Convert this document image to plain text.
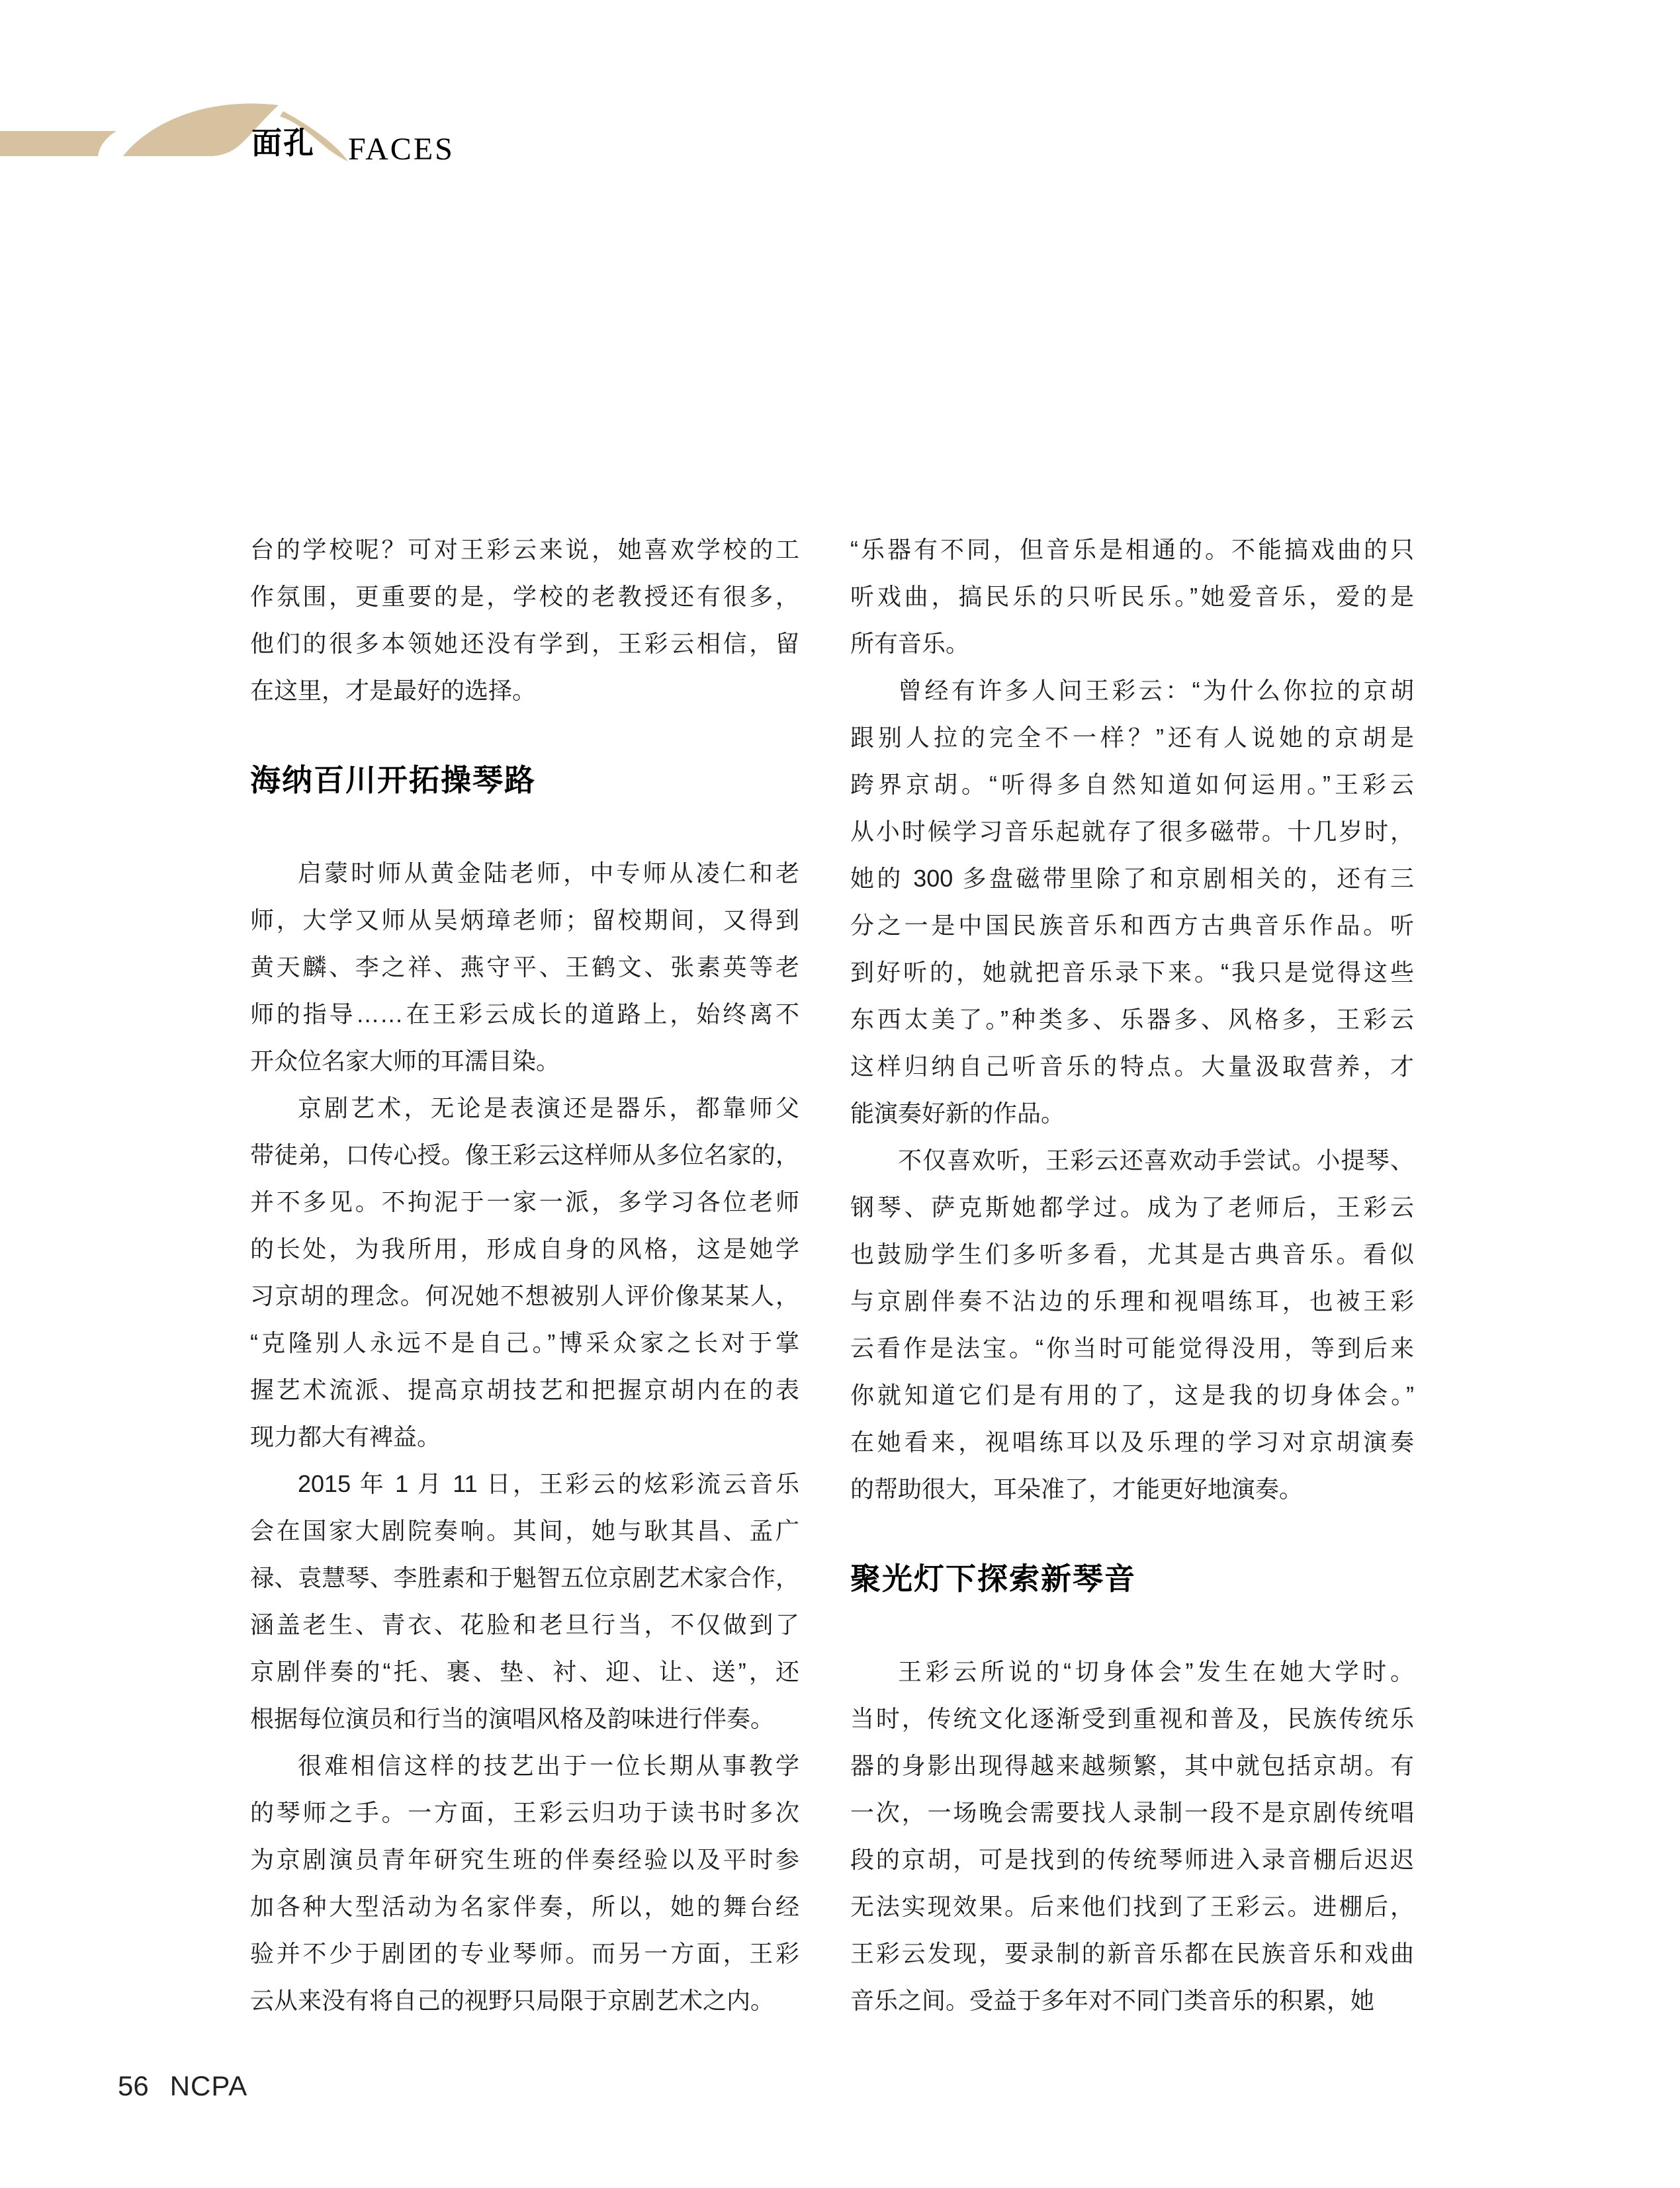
面孔 FACES
台的学校呢？可对王彩云来说，她喜欢学校的工
作氛围，更重要的是，学校的老教授还有很多，
他们的很多本领她还没有学到，王彩云相信，留
在这里，才是最好的选择。
海纳百川开拓操琴路
启蒙时师从黄金陆老师，中专师从凌仁和老
师，大学又师从吴炳璋老师；留校期间，又得到
黄天麟、李之祥、燕守平、王鹤文、张素英等老
师的指导……在王彩云成长的道路上，始终离不
开众位名家大师的耳濡目染。
京剧艺术，无论是表演还是器乐，都靠师父
带徒弟，口传心授。像王彩云这样师从多位名家的，
并不多见。不拘泥于一家一派，多学习各位老师
的长处，为我所用，形成自身的风格，这是她学
习京胡的理念。何况她不想被别人评价像某某人，
“克隆别人永远不是自己。”博采众家之长对于掌
握艺术流派、提高京胡技艺和把握京胡内在的表
现力都大有裨益。
2015 年 1 月 11 日，王彩云的炫彩流云音乐
会在国家大剧院奏响。其间，她与耿其昌、孟广
禄、袁慧琴、李胜素和于魁智五位京剧艺术家合作，
涵盖老生、青衣、花脸和老旦行当，不仅做到了
京剧伴奏的“托、裹、垫、衬、迎、让、送”，还
根据每位演员和行当的演唱风格及韵味进行伴奏。
很难相信这样的技艺出于一位长期从事教学
的琴师之手。一方面，王彩云归功于读书时多次
为京剧演员青年研究生班的伴奏经验以及平时参
加各种大型活动为名家伴奏，所以，她的舞台经
验并不少于剧团的专业琴师。而另一方面，王彩
云从来没有将自己的视野只局限于京剧艺术之内。
“乐器有不同，但音乐是相通的。不能搞戏曲的只
听戏曲，搞民乐的只听民乐。”她爱音乐，爱的是
所有音乐。
曾经有许多人问王彩云：“为什么你拉的京胡
跟别人拉的完全不一样？”还有人说她的京胡是
跨界京胡。“听得多自然知道如何运用。”王彩云
从小时候学习音乐起就存了很多磁带。十几岁时，
她的 300 多盘磁带里除了和京剧相关的，还有三
分之一是中国民族音乐和西方古典音乐作品。听
到好听的，她就把音乐录下来。“我只是觉得这些
东西太美了。”种类多、乐器多、风格多，王彩云
这样归纳自己听音乐的特点。大量汲取营养，才
能演奏好新的作品。
不仅喜欢听，王彩云还喜欢动手尝试。小提琴、
钢琴、萨克斯她都学过。成为了老师后，王彩云
也鼓励学生们多听多看，尤其是古典音乐。看似
与京剧伴奏不沾边的乐理和视唱练耳，也被王彩
云看作是法宝。“你当时可能觉得没用，等到后来
你就知道它们是有用的了，这是我的切身体会。”
在她看来，视唱练耳以及乐理的学习对京胡演奏
的帮助很大，耳朵准了，才能更好地演奏。
聚光灯下探索新琴音
王彩云所说的“切身体会”发生在她大学时。
当时，传统文化逐渐受到重视和普及，民族传统乐
器的身影出现得越来越频繁，其中就包括京胡。有
一次，一场晚会需要找人录制一段不是京剧传统唱
段的京胡，可是找到的传统琴师进入录音棚后迟迟
无法实现效果。后来他们找到了王彩云。进棚后，
王彩云发现，要录制的新音乐都在民族音乐和戏曲
音乐之间。受益于多年对不同门类音乐的积累，她
56 NCPA
